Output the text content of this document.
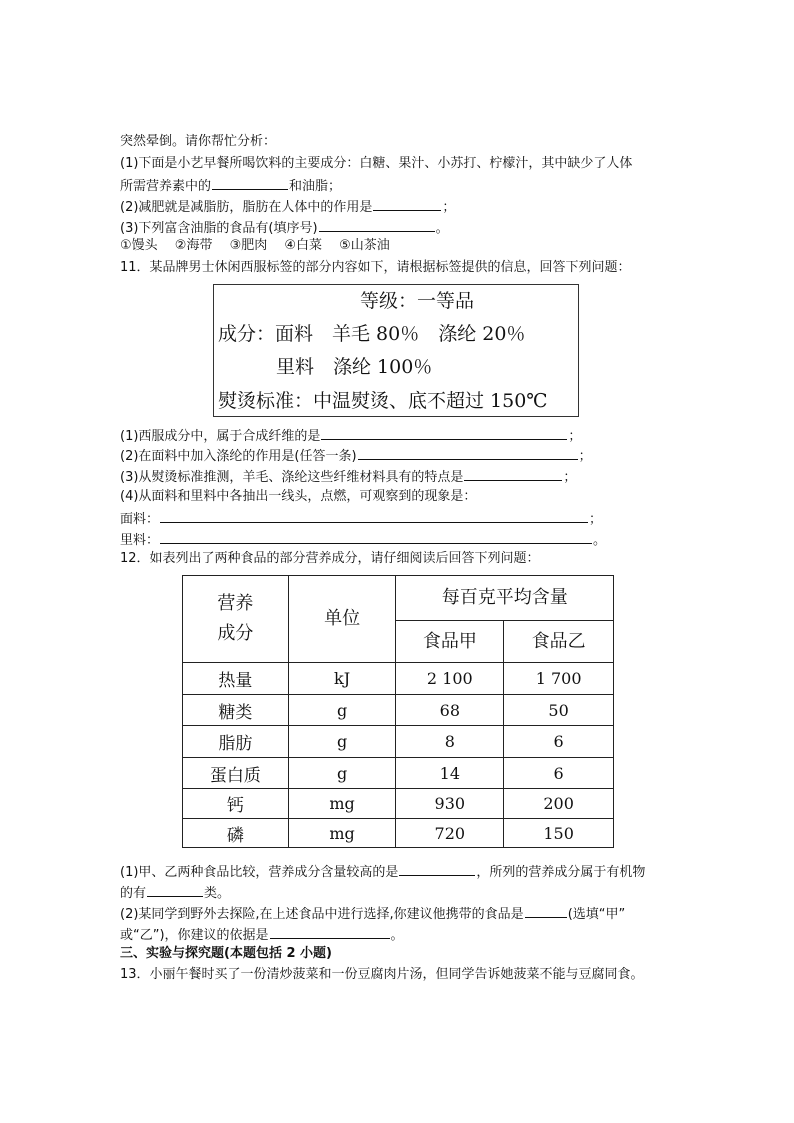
突然晕倒。请你帮忙分析：
(1)下面是小艺早餐所喝饮料的主要成分：白糖、果汁、小苏打、柠檬汁，其中缺少了人体
所需营养素中的	和油脂；
(2)减肥就是减脂肪，脂肪在人体中的作用是	；
(3)下列富含油脂的食品有(填序号)	。
①馒头　 ②海带　 ③肥肉　 ④白菜　 ⑤山茶油
11．某品牌男士休闲西服标签的部分内容如下，请根据标签提供的信息，回答下列问题：
等级：一等品
成分：面料　羊毛 80％　涤纶 20％
里料　涤纶 100％
熨烫标准：中温熨烫、底不超过 150℃
(1)西服成分中，属于合成纤维的是	；
(2)在面料中加入涤纶的作用是(任答一条)	；
(3)从熨烫标准推测，羊毛、涤纶这些纤维材料具有的特点是	；
(4)从面料和里料中各抽出一线头，点燃，可观察到的现象是：
面料：	；
里料：	。
12．如表列出了两种食品的部分营养成分，请仔细阅读后回答下列问题：
营养
成分	单位	每百克平均含量	
		食品甲	食品乙
热量	kJ	2 100	1 700
糖类	g	68	50
脂肪	g	8	6
蛋白质	g	14	6
钙	mg	930	200
磷	mg	720	150
(1)甲、乙两种食品比较，营养成分含量较高的是	，所列的营养成分属于有机物
的有	类。
(2)某同学到野外去探险,在上述食品中进行选择,你建议他携带的食品是	(选填“甲”
或“乙”)，你建议的依据是	。
三、实验与探究题(本题包括 2 小题)
13．小丽午餐时买了一份清炒菠菜和一份豆腐肉片汤，但同学告诉她菠菜不能与豆腐同食。
